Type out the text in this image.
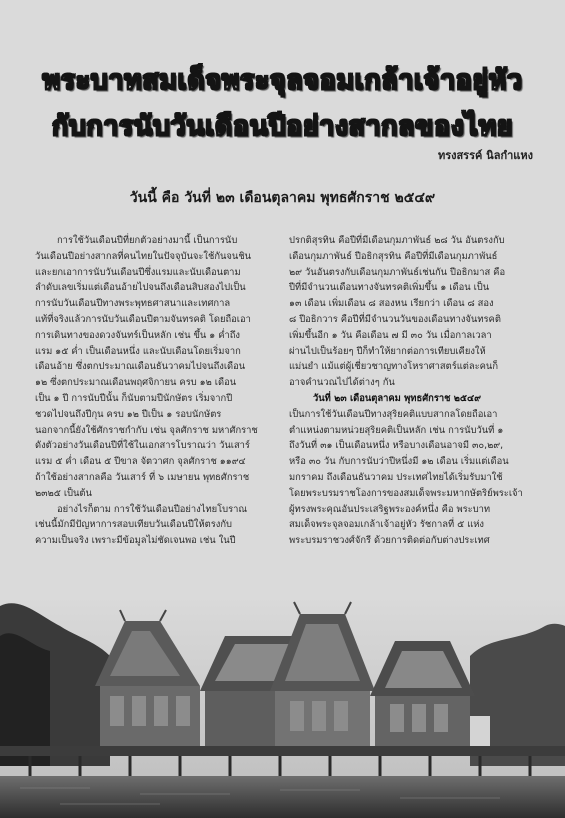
พระบาทสมเด็จพระจุลจอมเกล้าเจ้าอยู่หัว
กับการนับวันเดือนปีอย่างสากลของไทย
ทรงสรรค์ นิลกำแหง
วันนี้ คือ วันที่ ๒๓ เดือนตุลาคม พุทธศักราช ๒๕๔๙

การใช้วันเดือนปีที่ยกตัวอย่างมานี้ เป็นการนับ

วันเดือนปีอย่างสากลที่คนไทยในปัจจุบันจะใช้กันจนชิน

และยกเอาการนับวันเดือนปีซึ่งแรมและนับเดือนตาม

ลำดับเลขเริ่มแต่เดือนอ้ายไปจนถึงเดือนสิบสองไปเป็น

การนับวันเดือนปีทางพระพุทธศาสนาและเทศกาล

แท้ที่จริงแล้วการนับวันเดือนปีตามจันทรคติ โดยถือเอา

การเดินทางของดวงจันทร์เป็นหลัก เช่น ขึ้น ๑ ค่ำถึง

แรม ๑๕ ค่ำ เป็นเดือนหนึ่ง และนับเดือนโดยเริ่มจาก

เดือนอ้าย ซึ่งตกประมาณเดือนธันวาคมไปจนถึงเดือน

๑๒ ซึ่งตกประมาณเดือนพฤศจิกายน ครบ ๑๒ เดือน

เป็น ๑ ปี การนับปีนั้น ก็นับตามปีนักษัตร เริ่มจากปี

ชวดไปจนถึงปีกุน ครบ ๑๒ ปีเป็น ๑ รอบนักษัตร

นอกจากนี้ยังใช้ศักราชกำกับ เช่น จุลศักราช มหาศักราช

ดังตัวอย่างวันเดือนปีที่ใช้ในเอกสารโบราณว่า วันเสาร์

แรม ๕ ค่ำ เดือน ๕ ปีขาล จัตวาศก จุลศักราช ๑๑๙๔

ถ้าใช้อย่างสากลคือ วันเสาร์ ที่ ๖ เมษายน พุทธศักราช

๒๓๒๕ เป็นต้น

อย่างไรก็ตาม การใช้วันเดือนปีอย่างไทยโบราณ

เช่นนี้มักมีปัญหาการสอบเทียบวันเดือนปีให้ตรงกับ

ความเป็นจริง เพราะมีข้อมูลไม่ชัดเจนพอ เช่น ในปี

ปรกติสุรทิน คือปีที่มีเดือนกุมภาพันธ์ ๒๘ วัน อันตรงกับ

เดือนกุมภาพันธ์ ปีอธิกสุรทิน คือปีที่มีเดือนกุมภาพันธ์

๒๙ วันอันตรงกับเดือนกุมภาพันธ์เช่นกัน ปีอธิกมาส คือ

ปีที่มีจำนวนเดือนทางจันทรคติเพิ่มขึ้น ๑ เดือน เป็น

๑๓ เดือน เพิ่มเดือน ๘ สองหน เรียกว่า เดือน ๘ สอง

๘ ปีอธิกวาร คือปีที่มีจำนวนวันของเดือนทางจันทรคติ

เพิ่มขึ้นอีก ๑ วัน คือเดือน ๗ มี ๓๐ วัน เมื่อกาลเวลา

ผ่านไปเป็นร้อยๆ ปีก็ทำให้ยากต่อการเทียบเคียงให้

แม่นยำ แม้แต่ผู้เชี่ยวชาญทางโหราศาสตร์แต่ละคนก็

อาจคำนวณไปได้ต่างๆ กัน

วันที่ ๒๓ เดือนตุลาคม พุทธศักราช ๒๕๔๙

เป็นการใช้วันเดือนปีทางสุริยคติแบบสากลโดยถือเอา

ตำแหน่งตามหน่วยสุริยคติเป็นหลัก เช่น การนับวันที่ ๑

ถึงวันที่ ๓๑ เป็นเดือนหนึ่ง หรือบางเดือนอาจมี ๓๐,๒๙,

หรือ ๓๐ วัน กับการนับว่าปีหนึ่งมี ๑๒ เดือน เริ่มแต่เดือน

มกราคม ถึงเดือนธันวาคม ประเทศไทยได้เริ่มรับมาใช้

โดยพระบรมราชโองการของสมเด็จพระมหากษัตริย์พระเจ้า

ผู้ทรงพระคุณอันประเสริฐพระองค์หนึ่ง คือ พระบาท

สมเด็จพระจุลจอมเกล้าเจ้าอยู่หัว รัชกาลที่ ๕ แห่ง

พระบรมราชวงศ์จักรี ด้วยการติดต่อกับต่างประเทศ
